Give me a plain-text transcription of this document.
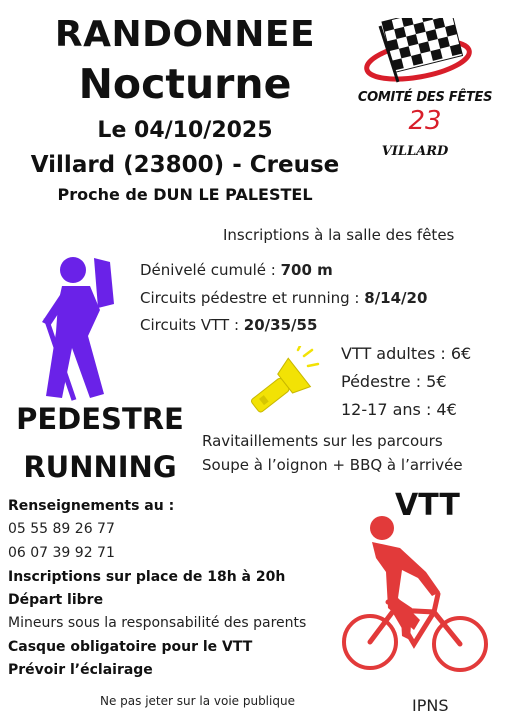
RANDONNEE
Nocturne
Le 04/10/2025
Villard (23800) - Creuse
Proche de DUN LE PALESTEL
COMITÉ DES FÊTES
23
VILLARD
Inscriptions à la salle des fêtes
Dénivelé cumulé : 700 m
Circuits pédestre et running : 8/14/20
Circuits VTT : 20/35/55
VTT adultes : 6€
Pédestre : 5€
12-17 ans : 4€
PEDESTRE
RUNNING
Ravitaillements sur les parcours
Soupe à l’oignon + BBQ à l’arrivée
VTT
Renseignements au :
05 55 89 26 77
06 07 39 92 71
Inscriptions sur place de 18h à 20h
Départ libre
Mineurs sous la responsabilité des parents
Casque obligatoire pour le VTT
Prévoir l’éclairage
Ne pas jeter sur la voie publique	IPNS
